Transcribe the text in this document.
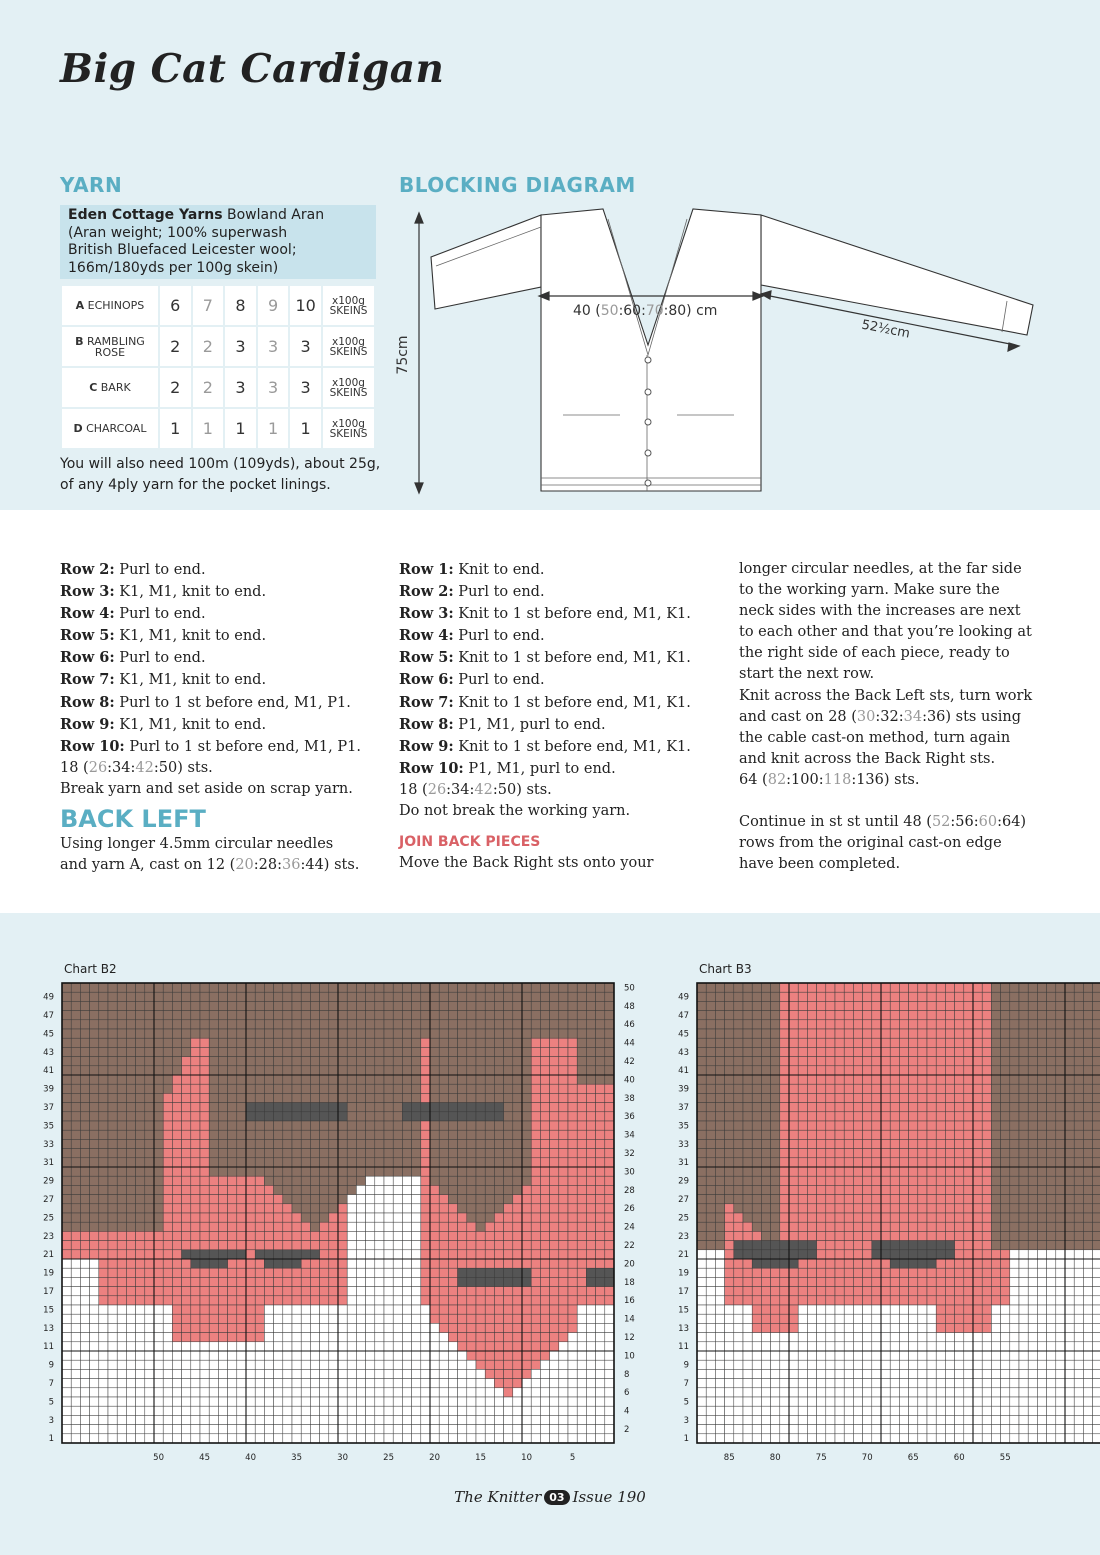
Big Cat Cardigan
YARN
Eden Cottage Yarns Bowland Aran
(Aran weight; 100% superwash
British Bluefaced Leicester wool;
166m/180yds per 100g skein)
A ECHINOPS	6	7	8	9	10	x100g
SKEINS
B RAMBLING
ROSE	2	2	3	3	3	x100g
SKEINS
C BARK	2	2	3	3	3	x100g
SKEINS
D CHARCOAL	1	1	1	1	1	x100g
SKEINS
You will also need 100m (109yds), about 25g, of any 4ply yarn for the pocket linings.
BLOCKING DIAGRAM
40 (50:60:70:80) cm
75cm
52½cm

Row 2: Purl to end.

Row 3: K1, M1, knit to end.

Row 4: Purl to end.

Row 5: K1, M1, knit to end.

Row 6: Purl to end.

Row 7: K1, M1, knit to end.

Row 8: Purl to 1 st before end, M1, P1.

Row 9: K1, M1, knit to end.

Row 10: Purl to 1 st before end, M1, P1.

18 (26:34:42:50) sts.

Break yarn and set aside on scrap yarn.

BACK LEFT

Using longer 4.5mm circular needles

and yarn A, cast on 12 (20:28:36:44) sts.

Row 1: Knit to end.

Row 2: Purl to end.

Row 3: Knit to 1 st before end, M1, K1.

Row 4: Purl to end.

Row 5: Knit to 1 st before end, M1, K1.

Row 6: Purl to end.

Row 7: Knit to 1 st before end, M1, K1.

Row 8: P1, M1, purl to end.

Row 9: Knit to 1 st before end, M1, K1.

Row 10: P1, M1, purl to end.

18 (26:34:42:50) sts.

Do not break the working yarn.

JOIN BACK PIECES

Move the Back Right sts onto your

longer circular needles, at the far side

to the working yarn. Make sure the

neck sides with the increases are next

to each other and that you’re looking at

the right side of each piece, ready to

start the next row.

Knit across the Back Left sts, turn work

and cast on 28 (30:32:34:36) sts using

the cable cast-on method, turn again

and knit across the Back Right sts.

64 (82:100:118:136) sts.

Continue in st st until 48 (52:56:60:64)

rows from the original cast-on edge

have been completed.

Chart B2
1
3
5
7
9
11
13
15
17
19
21
23
25
27
29
31
33
35
37
39
41
43
45
47
49
2
4
6
8
10
12
14
16
18
20
22
24
26
28
30
32
34
36
38
40
42
44
46
48
50
50	45	40	35	30	25	20	15	10	5
Chart B3
1
3
5
7
9
11
13
15
17
19
21
23
25
27
29
31
33
35
37
39
41
43
45
47
49
85	80	75	70	65	60	55
The Knitter 03 Issue 190
